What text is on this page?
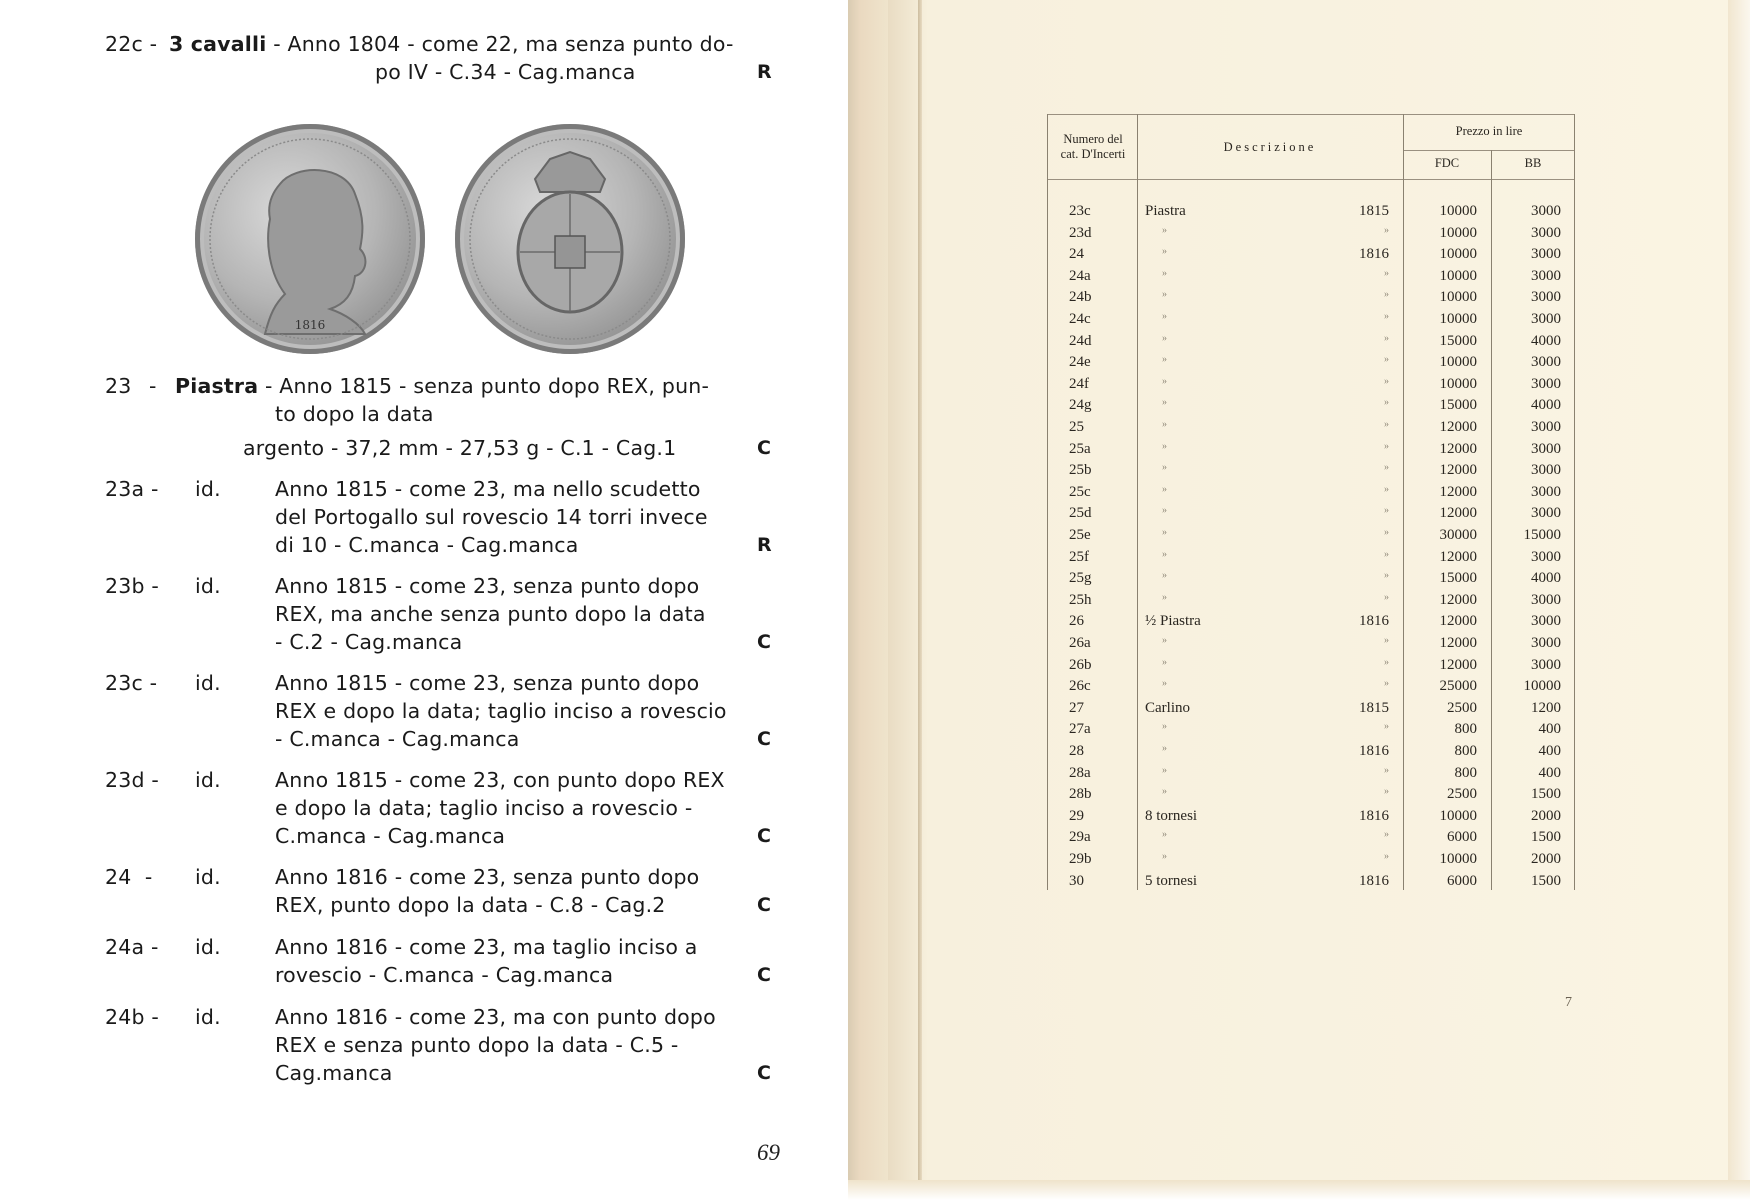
22c - 3 cavalli - Anno 1804 - come 22, ma senza punto do-
po IV - C.34 - Cag.manca	R
1816
23 - Piastra - Anno 1815 - senza punto dopo REX, pun-
to dopo la data
argento - 37,2 mm - 27,53 g - C.1 - Cag.1	C
23a - id.	Anno 1815 - come 23, ma nello scudetto
del Portogallo sul rovescio 14 torri invece
di 10 - C.manca - Cag.manca	R
23b - id.	Anno 1815 - come 23, senza punto dopo
REX, ma anche senza punto dopo la data
- C.2 - Cag.manca	C
23c - id.	Anno 1815 - come 23, senza punto dopo
REX e dopo la data; taglio inciso a rovescio
- C.manca - Cag.manca	C
23d - id.	Anno 1815 - come 23, con punto dopo REX
e dopo la data; taglio inciso a rovescio -
C.manca - Cag.manca	C
24  - id.	Anno 1816 - come 23, senza punto dopo
REX, punto dopo la data - C.8 - Cag.2	C
24a - id.	Anno 1816 - come 23, ma taglio inciso a
rovescio - C.manca - Cag.manca	C
24b - id.	Anno 1816 - come 23, ma con punto dopo
REX e senza punto dopo la data - C.5 -
Cag.manca	C
69
Numero del
cat. D'Incerti	Descrizione
Prezzo in lire
FDC	BB
23c	Piastra	1815	10000	3000
23d	»	»	10000	3000
24	»	1816	10000	3000
24a	»	»	10000	3000
24b	»	»	10000	3000
24c	»	»	10000	3000
24d	»	»	15000	4000
24e	»	»	10000	3000
24f	»	»	10000	3000
24g	»	»	15000	4000
25	»	»	12000	3000
25a	»	»	12000	3000
25b	»	»	12000	3000
25c	»	»	12000	3000
25d	»	»	12000	3000
25e	»	»	30000	15000
25f	»	»	12000	3000
25g	»	»	15000	4000
25h	»	»	12000	3000
26	½ Piastra	1816	12000	3000
26a	»	»	12000	3000
26b	»	»	12000	3000
26c	»	»	25000	10000
27	Carlino	1815	2500	1200
27a	»	»	800	400
28	»	1816	800	400
28a	»	»	800	400
28b	»	»	2500	1500
29	8 tornesi	1816	10000	2000
29a	»	»	6000	1500
29b	»	»	10000	2000
30	5 tornesi	1816	6000	1500
7
